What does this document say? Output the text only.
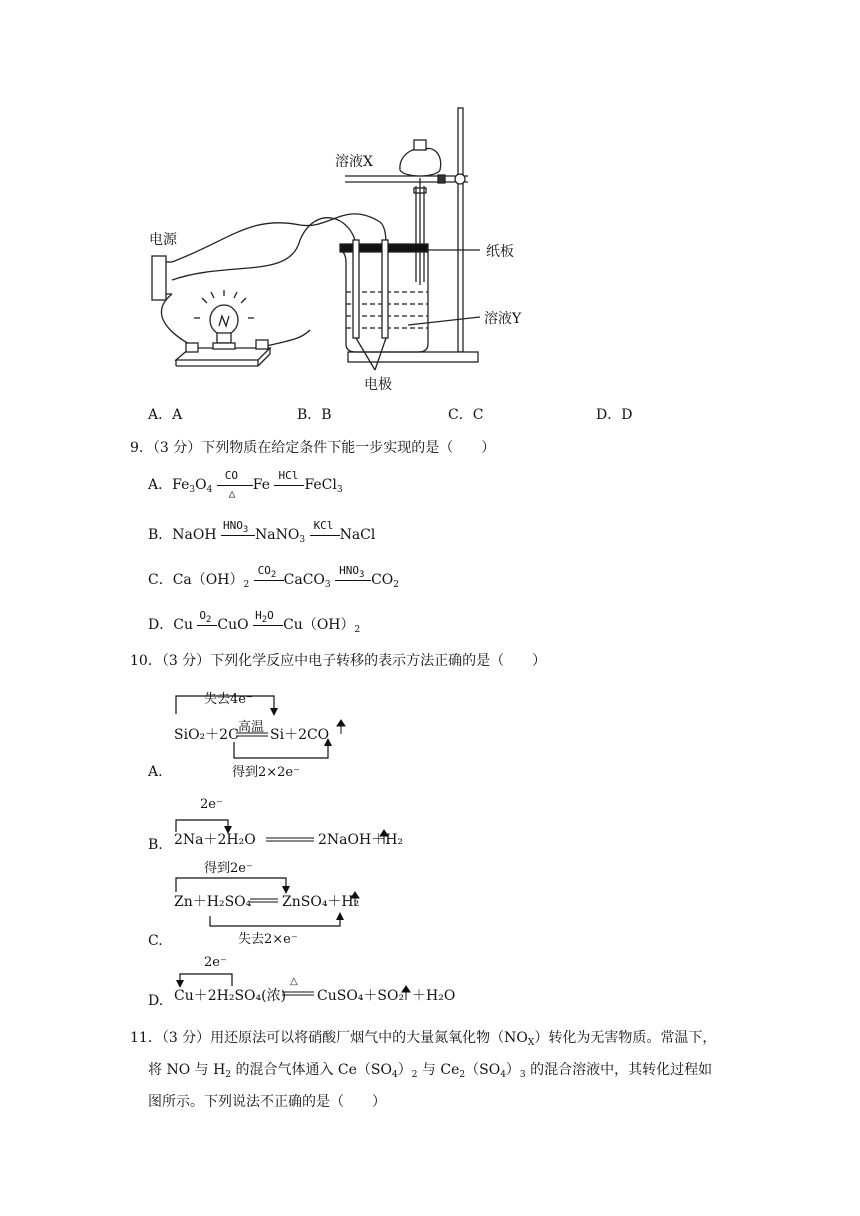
溶液X
电源
纸板
溶液Y
电极
A．A	B．B	C．C	D．D
9．（3 分）下列物质在给定条件下能一步实现的是（　　）
A．$Fe_3O_4$
CO
△
Fe
HCl
FeCl$_3$
B．NaOH
$HNO_3$ NaNO$_3$
KCl
NaCl
C．$Ca(OH)_2$
$CO_2$ CaCO$_3$
$HNO_3$ $CO_2$
D．Cu
$O_2$ CuO
$H_2O$
$Cu(OH)_2$
10．（3 分）下列化学反应中电子转移的表示方法正确的是（　　）
A.
失去4e⁻
高温
SiO₂＋2C Si＋2CO
得到2×2e⁻
B.
2e⁻
2Na＋2H₂O	2NaOH＋H₂
C.
得到2e⁻
Zn＋H₂SO₄ ZnSO₄＋H₂
失去2×e⁻
D.
2e⁻
△
Cu＋2H₂SO₄(浓) CuSO₄＋SO₂ ＋H₂O
11．（3 分）用还原法可以将硝酸厂烟气中的大量氮氧化物$(NO_X)$转化为无害物质。常温下，
将 NO 与 $H_2$ 的混合气体通入 $Ce(SO_4)_2$ 与 $Ce_2(SO_4)_3$ 的混合溶液中，其转化过程如
图所示。下列说法不正确的是（　　）
